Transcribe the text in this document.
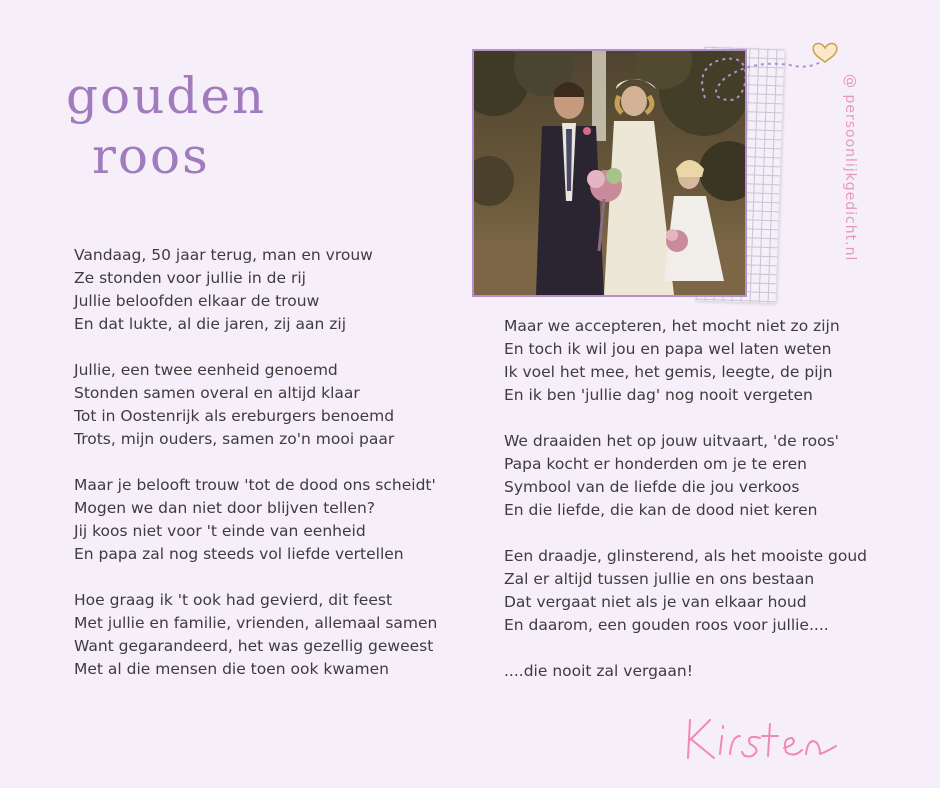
gouden
roos
Vandaag, 50 jaar terug, man en vrouw
Ze stonden voor jullie in de rij
Jullie beloofden elkaar de trouw
En dat lukte, al die jaren, zij aan zij
Jullie, een twee eenheid genoemd
Stonden samen overal en altijd klaar
Tot in Oostenrijk als ereburgers benoemd
Trots, mijn ouders, samen zo'n mooi paar
Maar je belooft trouw 'tot de dood ons scheidt'
Mogen we dan niet door blijven tellen?
Jij koos niet voor 't einde van eenheid
En papa zal nog steeds vol liefde vertellen
Hoe graag ik 't ook had gevierd, dit feest
Met jullie en familie, vrienden, allemaal samen
Want gegarandeerd, het was gezellig geweest
Met al die mensen die toen ook kwamen
Maar we accepteren, het mocht niet zo zijn
En toch ik wil jou en papa wel laten weten
Ik voel het mee, het gemis, leegte, de pijn
En ik ben 'jullie dag' nog nooit vergeten
We draaiden het op jouw uitvaart, 'de roos'
Papa kocht er honderden om je te eren
Symbool van de liefde die jou verkoos
En die liefde, die kan de dood niet keren
Een draadje, glinsterend, als het mooiste goud
Zal er altijd tussen jullie en ons bestaan
Dat vergaat niet als je van elkaar houd
En daarom, een gouden roos voor jullie....
....die nooit zal vergaan!
@ persoonlijkgedicht.nl
